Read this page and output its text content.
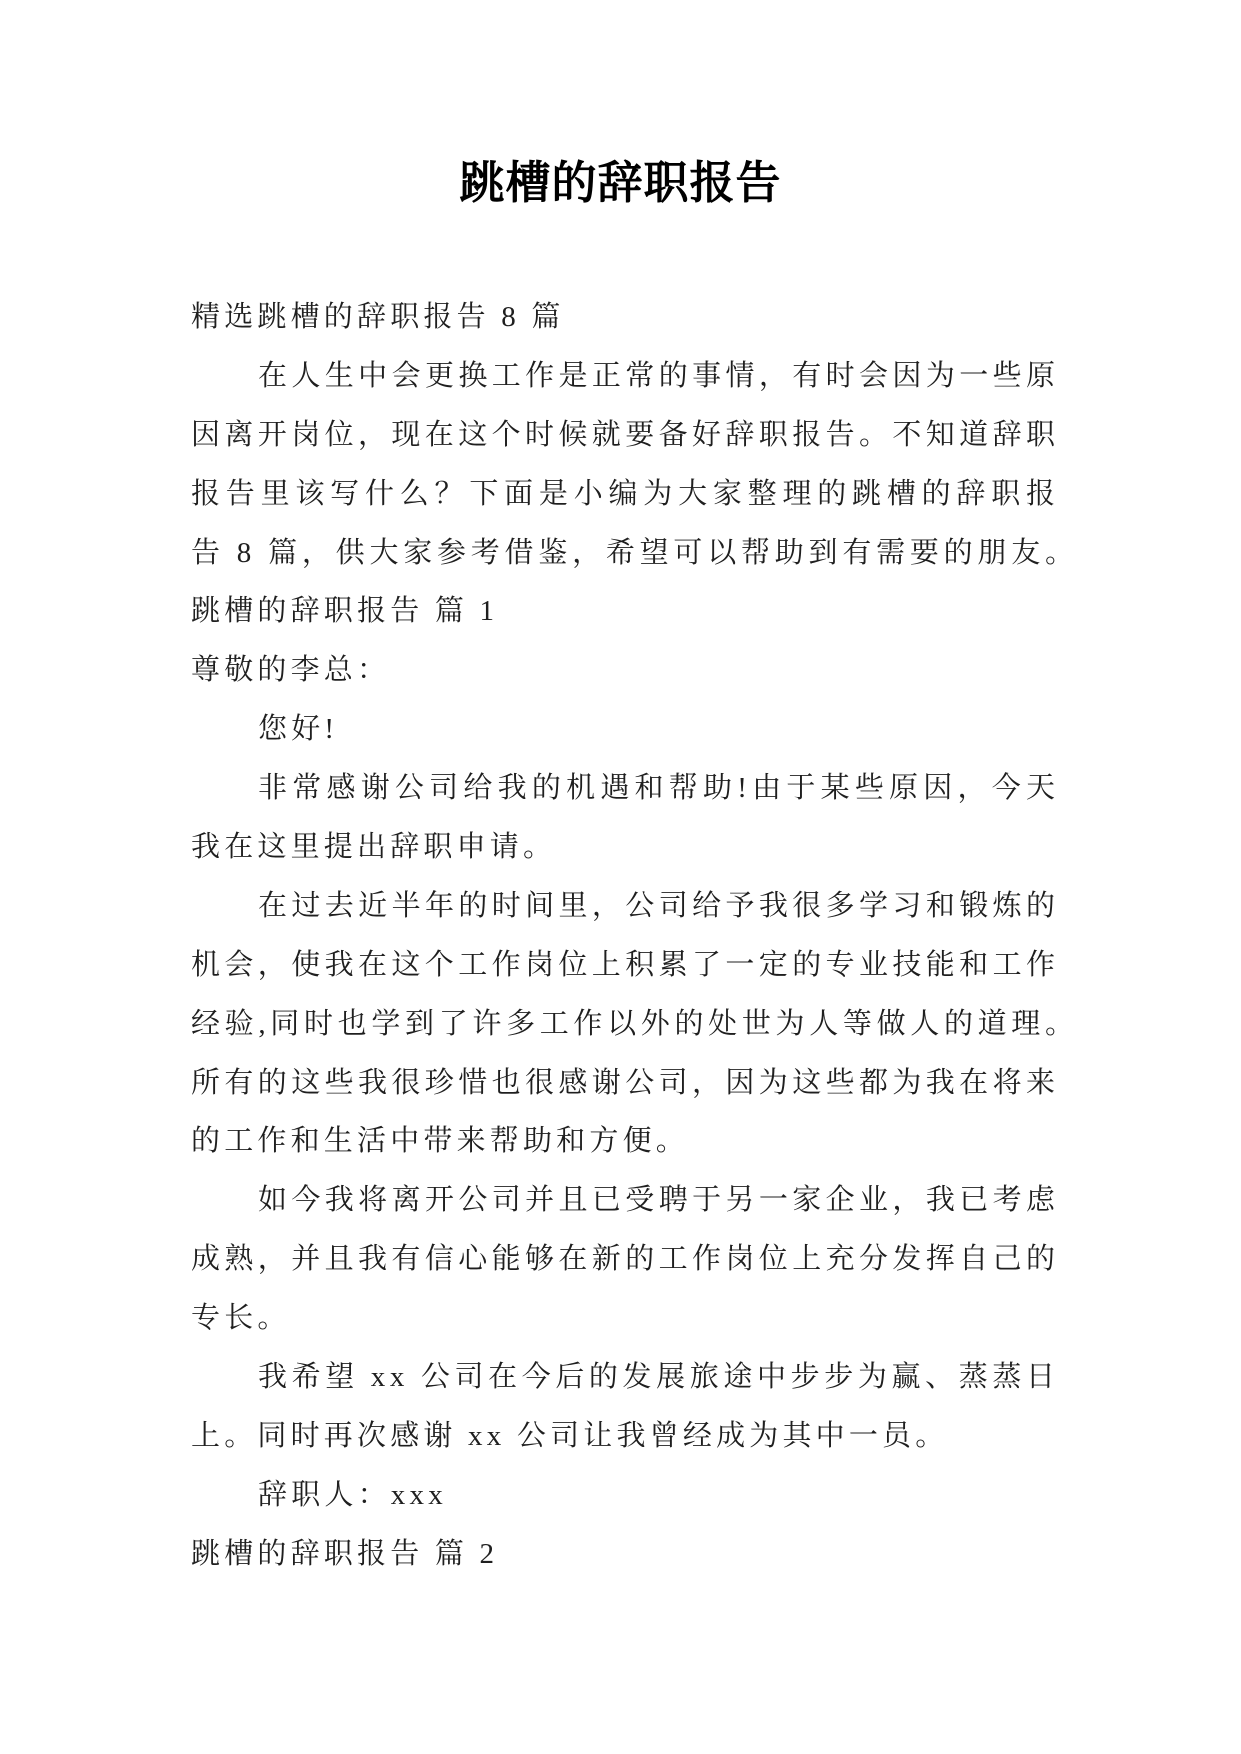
跳槽的辞职报告
精选跳槽的辞职报告 8 篇
在人生中会更换工作是正常的事情，有时会因为一些原
因离开岗位，现在这个时候就要备好辞职报告。不知道辞职
报告里该写什么？下面是小编为大家整理的跳槽的辞职报
告 8 篇，供大家参考借鉴，希望可以帮助到有需要的朋友。
跳槽的辞职报告 篇 1
尊敬的李总：
您好!
非常感谢公司给我的机遇和帮助!由于某些原因，今天
我在这里提出辞职申请。
在过去近半年的时间里，公司给予我很多学习和锻炼的
机会，使我在这个工作岗位上积累了一定的专业技能和工作
经验,同时也学到了许多工作以外的处世为人等做人的道理。
所有的这些我很珍惜也很感谢公司，因为这些都为我在将来
的工作和生活中带来帮助和方便。
如今我将离开公司并且已受聘于另一家企业，我已考虑
成熟，并且我有信心能够在新的工作岗位上充分发挥自己的
专长。
我希望 xx 公司在今后的发展旅途中步步为赢、蒸蒸日
上。同时再次感谢 xx 公司让我曾经成为其中一员。
辞职人：xxx
跳槽的辞职报告 篇 2
